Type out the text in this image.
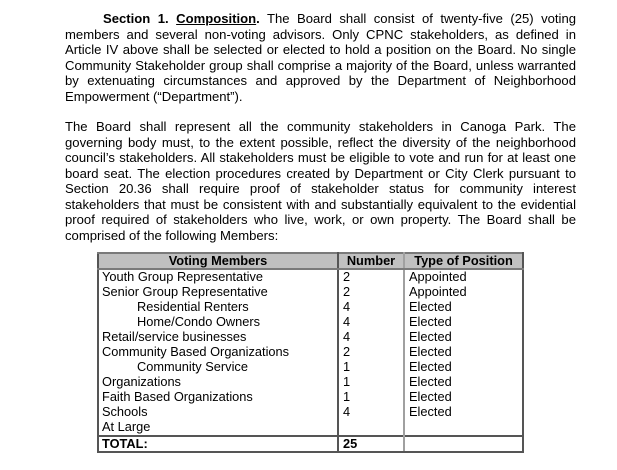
Section 1. Composition. The Board shall consist of twenty-five (25) voting members and several non-voting advisors. Only CPNC stakeholders, as defined in Article IV above shall be selected or elected to hold a position on the Board. No single Community Stakeholder group shall comprise a majority of the Board, unless warranted by extenuating circumstances and approved by the Department of Neighborhood Empowerment (“Department”).

The Board shall represent all the community stakeholders in Canoga Park. The governing body must, to the extent possible, reflect the diversity of the neighborhood council’s stakeholders. All stakeholders must be eligible to vote and run for at least one board seat. The election procedures created by Department or City Clerk pursuant to Section 20.36 shall require proof of stakeholder status for community interest stakeholders that must be consistent with and substantially equivalent to the evidential proof required of stakeholders who live, work, or own property. The Board shall be comprised of the following Members:

Voting Members	Number	Type of Position
Youth Group Representative	2	Appointed
Senior Group Representative	2	Appointed
Residential Renters	4	Elected
Home/Condo Owners	4	Elected
Retail/service businesses	4	Elected
Community Based Organizations	2	Elected
Community Service	1	Elected
Organizations	1	Elected
Faith Based Organizations	1	Elected
Schools	4	Elected
At Large		
TOTAL:	25	
